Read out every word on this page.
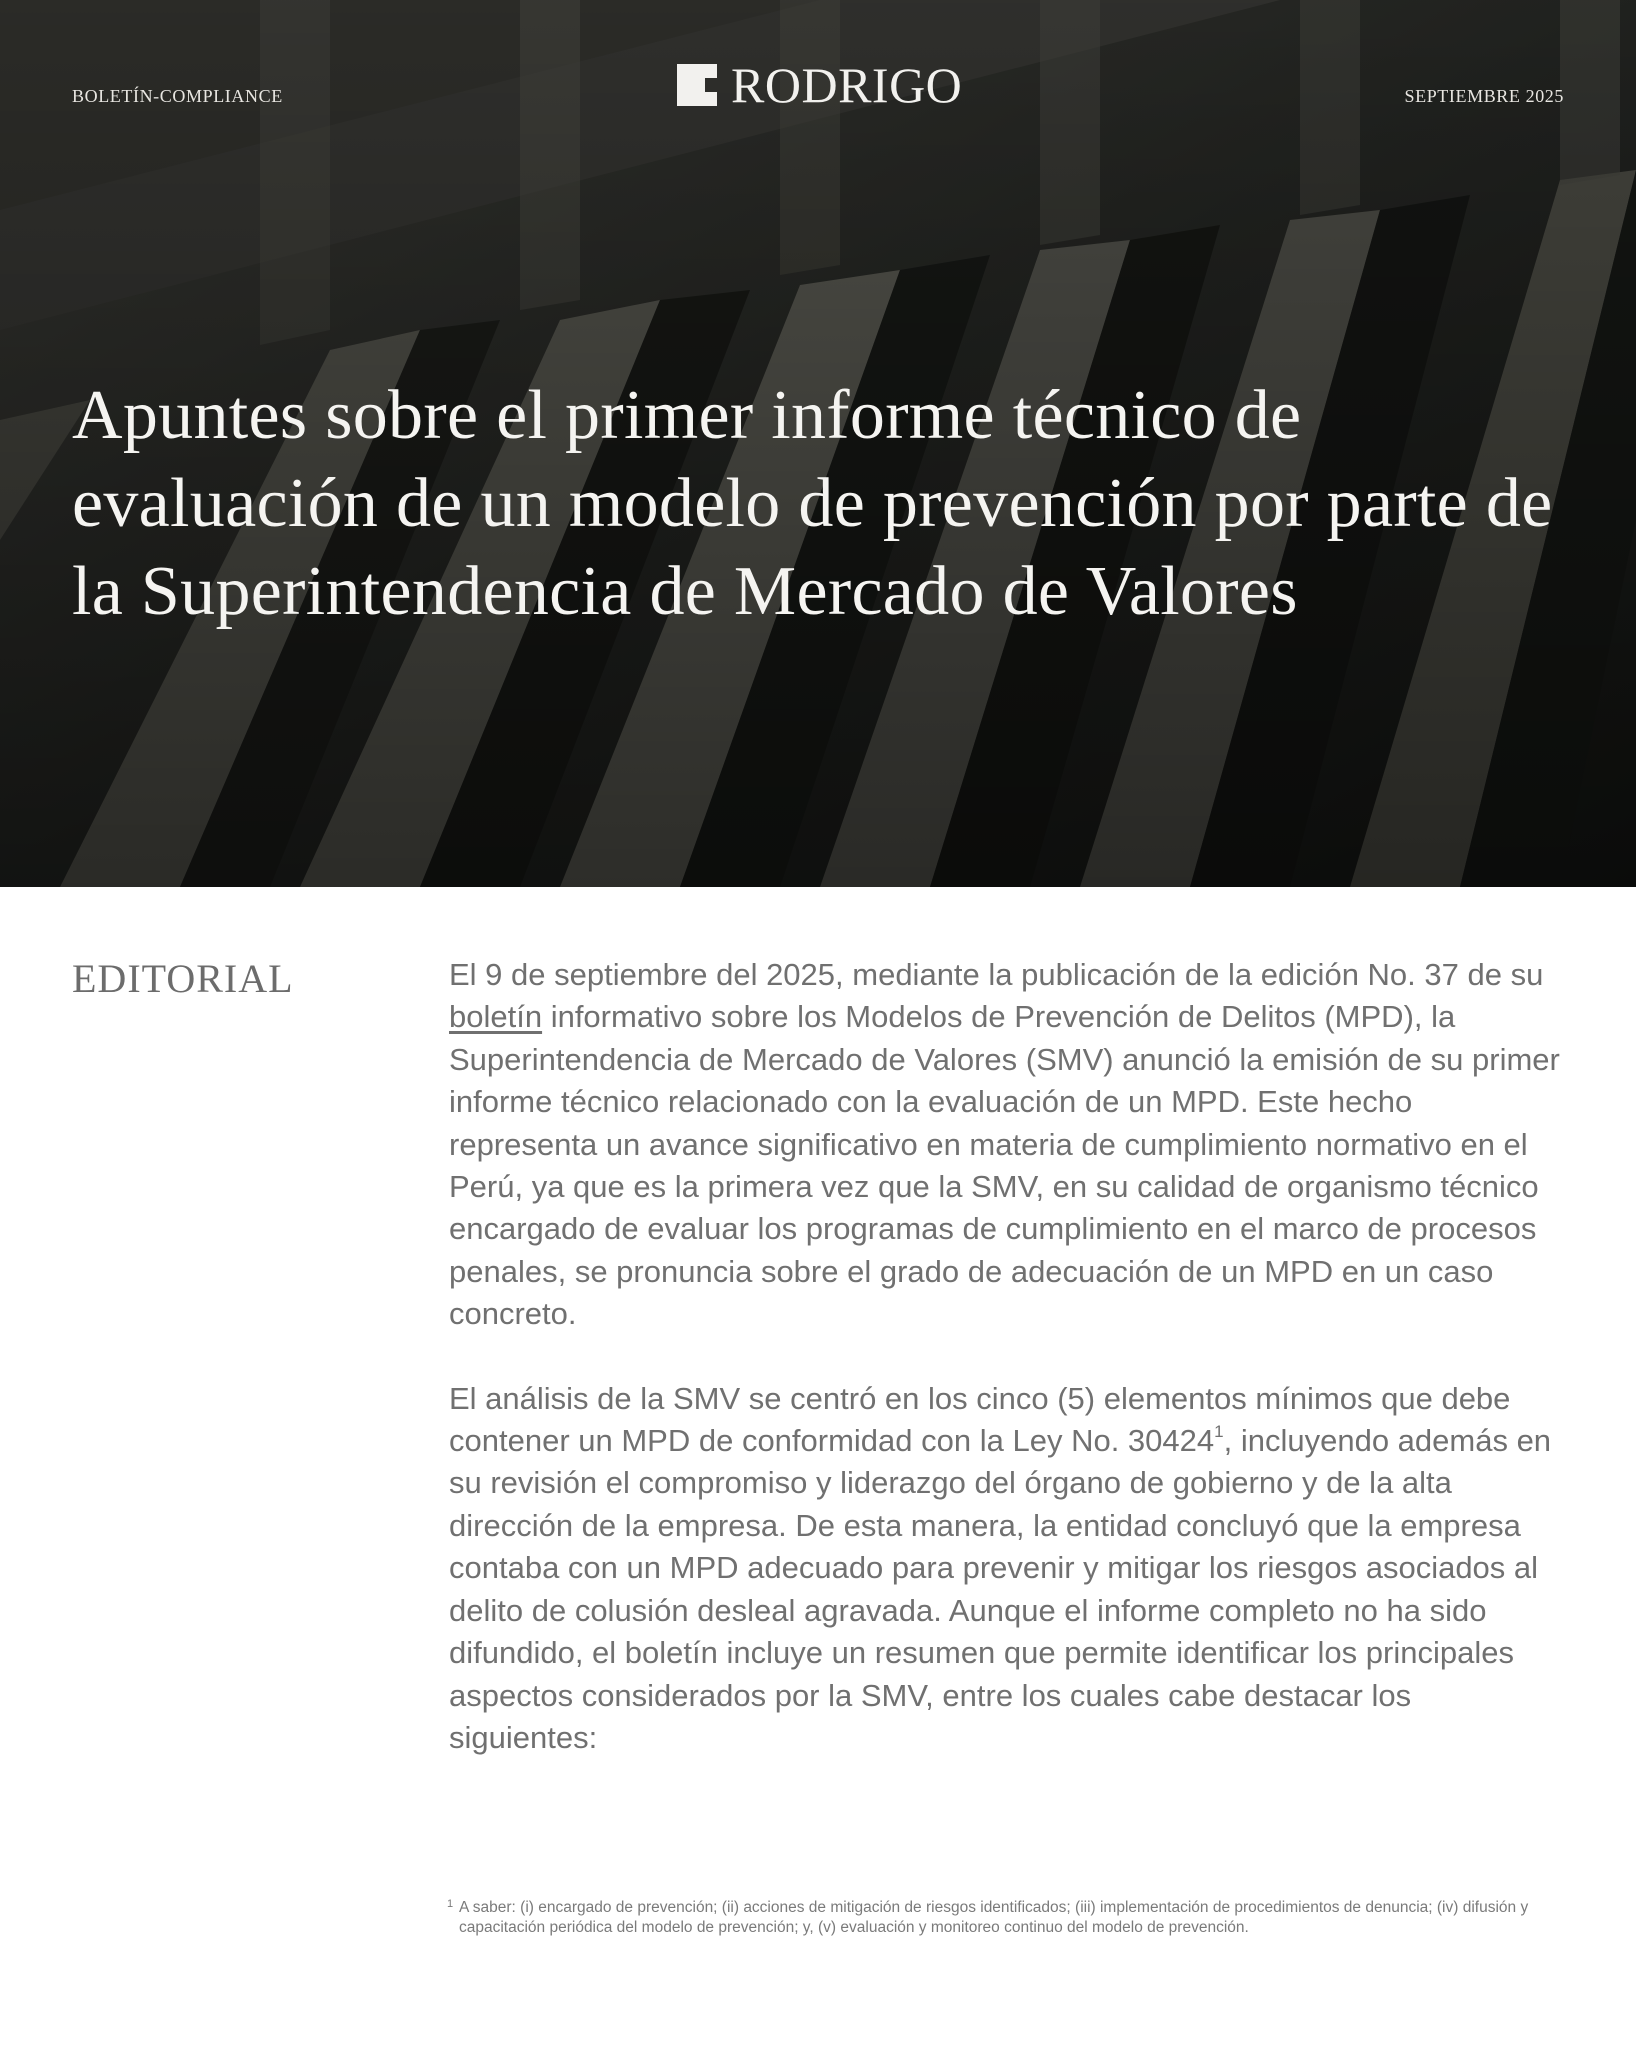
BOLETÍN-COMPLIANCE	RODRIGO	SEPTIEMBRE 2025
Apuntes sobre el primer informe técnico de evaluación de un modelo de prevención por parte de la Superintendencia de Mercado de Valores
EDITORIAL	El 9 de septiembre del 2025, mediante la publicación de la edición No. 37 de su boletín informativo sobre los Modelos de Prevención de Delitos (MPD), la Superintendencia de Mercado de Valores (SMV) anunció la emisión de su primer informe técnico relacionado con la evaluación de un MPD. Este hecho representa un avance significativo en materia de cumplimiento normativo en el Perú, ya que es la primera vez que la SMV, en su calidad de organismo técnico encargado de evaluar los programas de cumplimiento en el marco de procesos penales, se pronuncia sobre el grado de adecuación de un MPD en un caso concreto.

El análisis de la SMV se centró en los cinco (5) elementos mínimos que debe contener un MPD de conformidad con la Ley No. 30424$^1$, incluyendo además en su revisión el compromiso y liderazgo del órgano de gobierno y de la alta dirección de la empresa. De esta manera, la entidad concluyó que la empresa contaba con un MPD adecuado para prevenir y mitigar los riesgos asociados al delito de colusión desleal agravada. Aunque el informe completo no ha sido difundido, el boletín incluye un resumen que permite identificar los principales aspectos considerados por la SMV, entre los cuales cabe destacar los siguientes:

1 A saber: (i) encargado de prevención; (ii) acciones de mitigación de riesgos identificados; (iii) implementación de procedimientos de denuncia; (iv) difusión y capacitación periódica del modelo de prevención; y, (v) evaluación y monitoreo continuo del modelo de prevención.
